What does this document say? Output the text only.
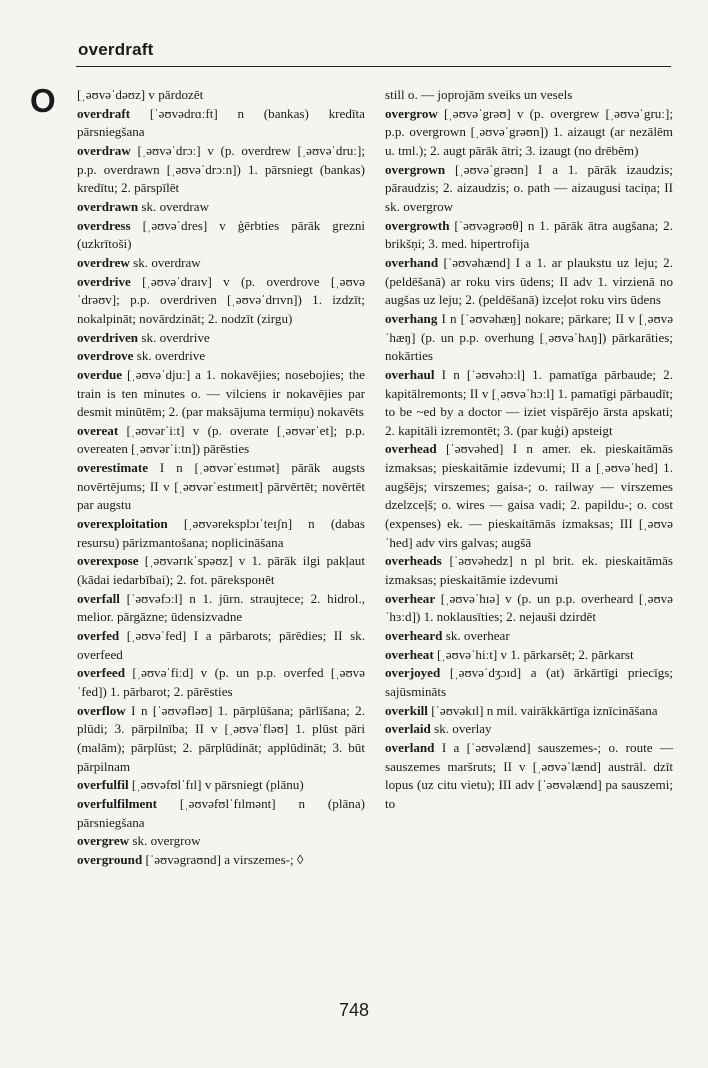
overdraft
O [ˌəʊvəˈdəʊz] v pārdozēt

overdraft [ˈəʊvədrɑːft] n (bankas) kredīta pārsniegšana

overdraw [ˌəʊvəˈdrɔː] v (p. overdrew [ˌəʊvəˈdruː]; p.p. overdrawn [ˌəʊvəˈdrɔːn]) 1. pārsniegt (bankas) kredītu; 2. pārspīlēt

overdrawn sk. overdraw

overdress [ˌəʊvəˈdres] v ģērbties pārāk grezni (uzkrītoši)

overdrew sk. overdraw

overdrive [ˌəʊvəˈdraɪv] v (p. overdrove [ˌəʊvəˈdrəʊv]; p.p. overdriven [ˌəʊvəˈdrɪvn]) 1. izdzīt; nokalpināt; novārdzināt; 2. nodzīt (zirgu)

overdriven sk. overdrive

overdrove sk. overdrive

overdue [ˌəʊvəˈdjuː] a 1. nokavējies; nosebojies; the train is ten minutes o. — vilciens ir nokavējies par desmit minūtēm; 2. (par maksājuma termiņu) nokavēts

overeat [ˌəʊvərˈiːt] v (p. overate [ˌəʊvərˈet]; p.p. overeaten [ˌəʊvərˈiːtn]) pārēsties

overestimate I n [ˌəʊvərˈestɪmət] pārāk augsts novērtējums; II v [ˌəʊvərˈestɪmeɪt] pārvērtēt; novērtēt par augstu

overexploitation [ˌəʊvəreksplɔɪˈteɪʃn] n (dabas resursu) pārizmantošana; noplicināšana

overexpose [ˌəʊvərɪkˈspəʊz] v 1. pārāk ilgi pakļaut (kādai iedarbībai); 2. fot. pārekspонēt

overfall [ˈəʊvəfɔːl] n 1. jūrn. straujtece; 2. hidrol., melior. pārgāzne; ūdensizvadne

overfed [ˌəʊvəˈfed] I a pārbarots; pārēdies; II sk. overfeed

overfeed [ˌəʊvəˈfiːd] v (p. un p.p. overfed [ˌəʊvəˈfed]) 1. pārbarot; 2. pārēsties

overflow I n [ˈəʊvəfləʊ] 1. pārplūšana; pārlīšana; 2. plūdi; 3. pārpilnība; II v [ˌəʊvəˈfləʊ] 1. plūst pāri (malām); pārplūst; 2. pārplūdināt; applūdināt; 3. būt pārpilnam

overfulfil [ˌəʊvəfʊlˈfɪl] v pārsniegt (plānu)

overfulfilment [ˌəʊvəfʊlˈfɪlmənt] n (plāna) pārsniegšana

overgrew sk. overgrow

overground [ˈəʊvəgraʊnd] a virszemes-; ◊

still o. — joprojām sveiks un vesels

overgrow [ˌəʊvəˈgrəʊ] v (p. overgrew [ˌəʊvəˈgruː]; p.p. overgrown [ˌəʊvəˈgrəʊn]) 1. aizaugt (ar nezālēm u. tml.); 2. augt pārāk ātri; 3. izaugt (no drēbēm)

overgrown [ˌəʊvəˈgrəʊn] I a 1. pārāk izaudzis; pāraudzis; 2. aizaudzis; o. path — aizaugusi taciņa; II sk. overgrow

overgrowth [ˈəʊvəgrəʊθ] n 1. pārāk ātra augšana; 2. brikšņi; 3. med. hipertrofija

overhand [ˈəʊvəhænd] I a 1. ar plaukstu uz leju; 2. (peldēšanā) ar roku virs ūdens; II adv 1. virzienā no augšas uz leju; 2. (peldēšanā) izceļot roku virs ūdens

overhang I n [ˈəʊvəhæŋ] nokare; pārkare; II v [ˌəʊvəˈhæŋ] (p. un p.p. overhung [ˌəʊvəˈhʌŋ]) pārkarāties; nokārties

overhaul I n [ˈəʊvəhɔːl] 1. pamatīga pārbaude; 2. kapitālremonts; II v [ˌəʊvəˈhɔːl] 1. pamatīgi pārbaudīt; to be ~ed by a doctor — iziet vispārējo ārsta apskati; 2. kapitāli izremontēt; 3. (par kuģi) apsteigt

overhead [ˈəʊvəhed] I n amer. ek. pieskaitāmās izmaksas; pieskaitāmie izdevumi; II a [ˌəʊvəˈhed] 1. augšējs; virszemes; gaisa-; o. railway — virszemes dzelzceļš; o. wires — gaisa vadi; 2. papildu-; o. cost (expenses) ek. — pieskaitāmās izmaksas; III [ˌəʊvəˈhed] adv virs galvas; augšā

overheads [ˈəʊvəhedz] n pl brit. ek. pieskaitāmās izmaksas; pieskaitāmie izdevumi

overhear [ˌəʊvəˈhɪə] v (p. un p.p. overheard [ˌəʊvəˈhɜːd]) 1. noklausīties; 2. nejauši dzirdēt

overheard sk. overhear

overheat [ˌəʊvəˈhiːt] v 1. pārkarsēt; 2. pārkarst

overjoyed [ˌəʊvəˈdʒɔɪd] a (at) ārkārtīgi priecīgs; sajūsmināts

overkill [ˈəʊvəkɪl] n mil. vairākkārtīga iznīcināšana

overlaid sk. overlay

overland I a [ˈəʊvəlænd] sauszemes-; o. route — sauszemes maršruts; II v [ˌəʊvəˈlænd] austrāl. dzīt lopus (uz citu vietu); III adv [ˈəʊvəlænd] pa sauszemi; to

748
